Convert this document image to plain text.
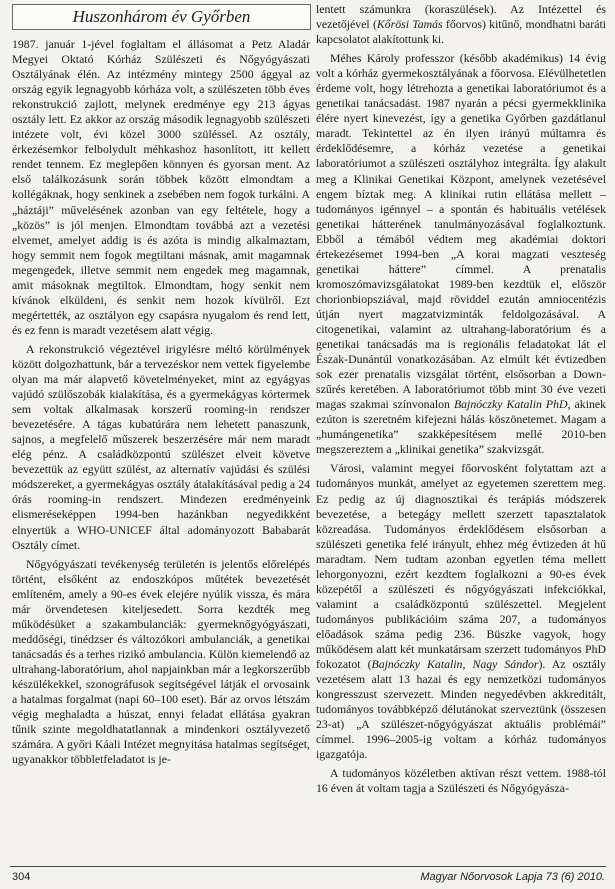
Huszonhárom év Győrben

1987. január 1-jével foglaltam el állásomat a Petz Aladár Megyei Oktató Kórház Szülészeti és Nőgyógyászati Osztályának élén. Az intézmény mintegy 2500 ággyal az ország egyik legnagyobb kórháza volt, a szülészeten több éves rekonstrukció zajlott, melynek eredménye egy 213 ágyas osztály lett. Ez akkor az ország második legnagyobb szülészeti intézete volt, évi közel 3000 szüléssel. Az osztály, érkezésemkor felbolydult méhkashoz hasonlított, itt kellett rendet tennem. Ez meglepően könnyen és gyorsan ment. Az első találkozásunk során többek között elmondtam a kollégáknak, hogy senkinek a zsebében nem fogok turkálni. A „háztáji” művelésének azonban van egy feltétele, hogy a „közös” is jól menjen. Elmondtam továbbá azt a vezetési elvemet, amelyet addig is és azóta is mindig alkalmaztam, hogy semmit nem fogok megtiltani másnak, amit magamnak megengedek, illetve semmit nem engedek meg magamnak, amit másoknak megtiltok. Elmondtam, hogy senkit nem kívánok elküldeni, és senkit nem hozok kívülről. Ezt megértették, az osztályon egy csapásra nyugalom és rend lett, és ez fenn is maradt vezetésem alatt végig.

A rekonstrukció végeztével irigylésre méltó körülmények között dolgozhattunk, bár a tervezéskor nem vettek figyelembe olyan ma már alapvető követelményeket, mint az egyágyas vajúdó szülőszobák kialakítása, és a gyermekágyas kórtermek sem voltak alkalmasak korszerű rooming-in rendszer bevezetésére. A tágas kubatúrára nem lehetett panaszunk, sajnos, a megfelelő műszerek beszerzésére már nem maradt elég pénz. A családközpontú szülészet elveit követve bevezettük az együtt szülést, az alternatív vajúdási és szülési módszereket, a gyermekágyas osztály átalakításával pedig a 24 órás rooming-in rendszert. Mindezen eredményeink elismeréseképpen 1994-ben hazánkban negyedikként elnyertük a WHO-UNICEF által adományozott Bababarát Osztály címet.

Nőgyógyászati tevékenység területén is jelentős előrelépés történt, elsőként az endoszkópos műtétek bevezetését említeném, amely a 90-es évek elejére nyúlik vissza, és mára már örvendetesen kiteljesedett. Sorra kezdték meg működésüket a szakambulanciák: gyermeknőgyógyászati, meddőségi, tinédzser és változókori ambulanciák, a genetikai tanácsadás és a terhes rizikó ambulancia. Külön kiemelendő az ultrahang-laboratórium, ahol napjainkban már a legkorszerűbb készülékekkel, szonográfusok segítségével látják el orvosaink a hatalmas forgalmat (napi 60–100 eset). Bár az orvos létszám végig meghaladta a húszat, ennyi feladat ellátása gyakran tűnik szinte megoldhatatlannak a mindenkori osztályvezető számára. A győri Káali Intézet megnyitása hatalmas segítséget, ugyanakkor többletfeladatot is je-

lentett számunkra (koraszülések). Az Intézettel és vezetőjével (Kőrösi Tamás főorvos) kitűnő, mondhatni baráti kapcsolatot alakítottunk ki.

Méhes Károly professzor (később akadémikus) 14 évig volt a kórház gyermekosztályának a főorvosa. Elévülhetetlen érdeme volt, hogy létrehozta a genetikai laboratóriumot és a genetikai tanácsadást. 1987 nyarán a pécsi gyermekklinika élére nyert kinevezést, így a genetika Győrben gazdátlanul maradt. Tekintettel az én ilyen irányú múltamra és érdeklődésemre, a kórház vezetése a genetikai laboratóriumot a szülészeti osztályhoz integrálta. Így alakult meg a Klinikai Genetikai Központ, amelynek vezetésével engem bíztak meg. A klinikai rutin ellátása mellett – tudományos igénnyel – a spontán és habituális vetélések genetikai hátterének tanulmányozásával foglalkoztunk. Ebből a témából védtem meg akadémiai doktori értekezésemet 1994-ben „A korai magzati veszteség genetikai háttere” címmel. A prenatalis kromoszómavizsgálatokat 1989-ben kezdtük el, először chorionbiopsziával, majd röviddel ezután amniocentézis útján nyert magzatvizminták feldolgozásával. A citogenetikai, valamint az ultrahang-laboratórium és a genetikai tanácsadás ma is regionális feladatokat lát el Észak-Dunántúl vonatkozásában. Az elmúlt két évtizedben sok ezer prenatalis vizsgálat történt, elsősorban a Down-szűrés keretében. A laboratóriumot több mint 30 éve vezeti magas szakmai színvonalon Bajnóczky Katalin PhD, akinek ezúton is szeretném kifejezni hálás köszönetemet. Magam a „humángenetika” szakképesítésem mellé 2010-ben megszereztem a „klinikai genetika” szakvizsgát.

Városi, valamint megyei főorvosként folytattam azt a tudományos munkát, amelyet az egyetemen szerettem meg. Ez pedig az új diagnosztikai és terápiás módszerek bevezetése, a betegágy mellett szerzett tapasztalatok közreadása. Tudományos érdeklődésem elsősorban a szülészeti genetika felé irányult, ehhez még évtizeden át hű maradtam. Nem tudtam azonban egyetlen téma mellett lehorgonyozni, ezért kezdtem foglalkozni a 90-es évek közepétől a szülészeti és nőgyógyászati infekciókkal, valamint a családközpontú szülészettel. Megjelent tudományos publikációim száma 207, a tudományos előadások száma pedig 236. Büszke vagyok, hogy működésem alatt két munkatársam szerzett tudományos PhD fokozatot (Bajnóczky Katalin, Nagy Sándor). Az osztály vezetésem alatt 13 hazai és egy nemzetközi tudományos kongresszust szervezett. Minden negyedévben akkreditált, tudományos továbbképző délutánokat szerveztünk (összesen 23-at) „A szülészet-nőgyógyászat aktuális problémái” címmel. 1996–2005-ig voltam a kórház tudományos igazgatója.

A tudományos közéletben aktívan részt vettem. 1988-tól 16 éven át voltam tagja a Szülészeti és Nőgyógyásza-

304	Magyar Nőorvosok Lapja 73 (6) 2010.
